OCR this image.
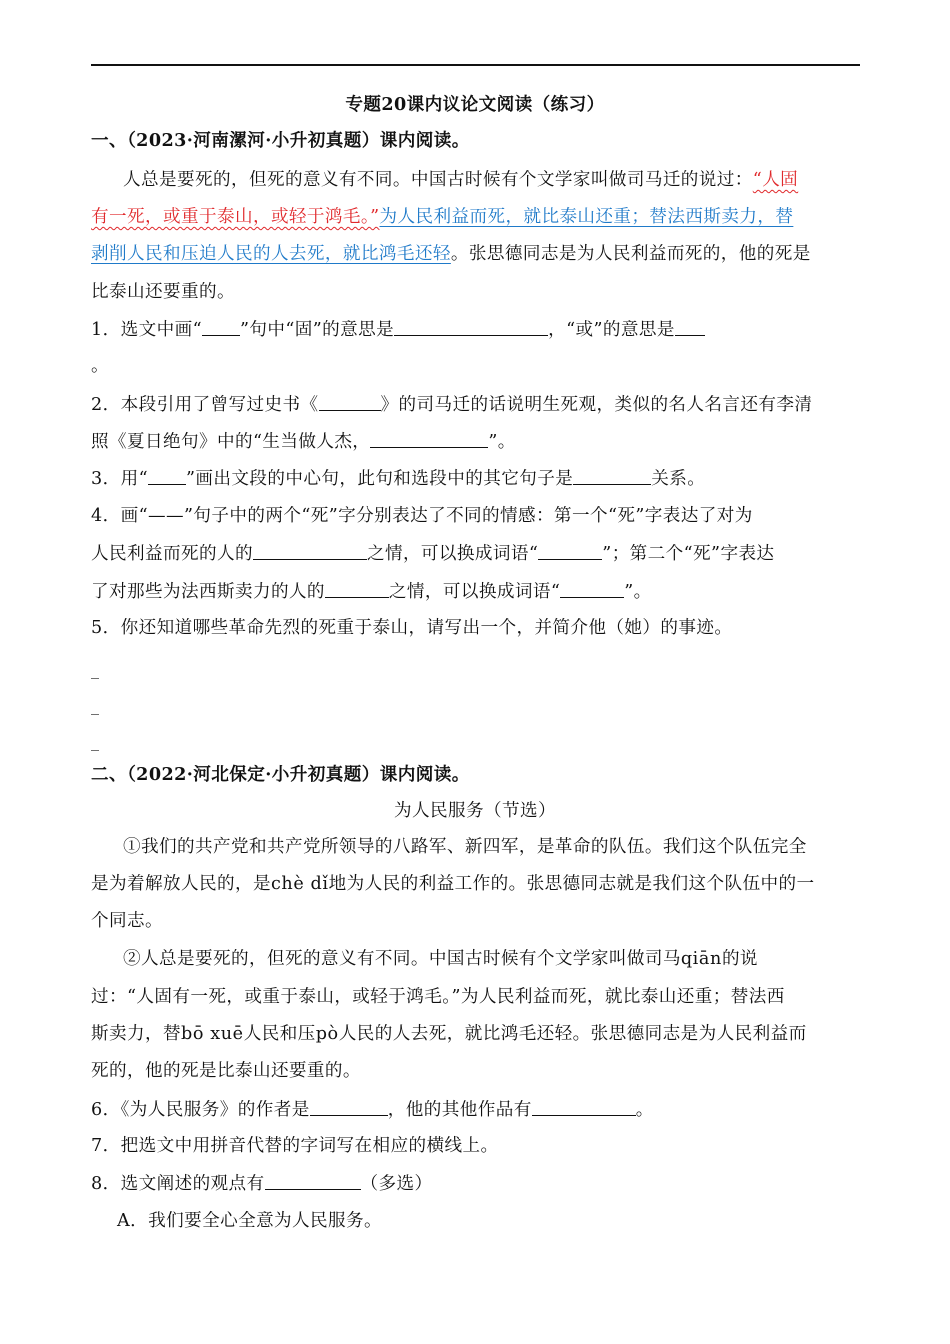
专题20课内议论文阅读（练习）
一、（2023·河南漯河·小升初真题）课内阅读。
人总是要死的，但死的意义有不同。中国古时候有个文学家叫做司马迁的说过：“人固
有一死，或重于泰山，或轻于鸿毛。”为人民利益而死，就比泰山还重；替法西斯卖力，替
剥削人民和压迫人民的人去死，就比鸿毛还轻。张思德同志是为人民利益而死的，他的死是
比泰山还要重的。
1．选文中画“ ”句中“固”的意思是	，“或”的意思是
。
2．本段引用了曾写过史书《	》的司马迁的话说明生死观，类似的名人名言还有李清
照《夏日绝句》中的“生当做人杰，	”。
3．用“ ”画出文段的中心句，此句和选段中的其它句子是	关系。
4．画“——”句子中的两个“死”字分别表达了不同的情感：第一个“死”字表达了对为
人民利益而死的人的	之情，可以换成词语“	”；第二个“死”字表达
了对那些为法西斯卖力的人的	之情，可以换成词语“	”。
5．你还知道哪些革命先烈的死重于泰山，请写出一个，并简介他（她）的事迹。
_
_
_
二、（2022·河北保定·小升初真题）课内阅读。
为人民服务（节选）
①我们的共产党和共产党所领导的八路军、新四军，是革命的队伍。我们这个队伍完全
是为着解放人民的，是chè dǐ地为人民的利益工作的。张思德同志就是我们这个队伍中的一
个同志。
②人总是要死的，但死的意义有不同。中国古时候有个文学家叫做司马qiān的说
过：“人固有一死，或重于泰山，或轻于鸿毛。”为人民利益而死，就比泰山还重；替法西
斯卖力，替bō xuē人民和压pò人民的人去死，就比鸿毛还轻。张思德同志是为人民利益而
死的，他的死是比泰山还要重的。
6．《为人民服务》的作者是	，他的其他作品有	。
7．把选文中用拼音代替的字词写在相应的横线上。
8．选文阐述的观点有	（多选）
A．我们要全心全意为人民服务。
